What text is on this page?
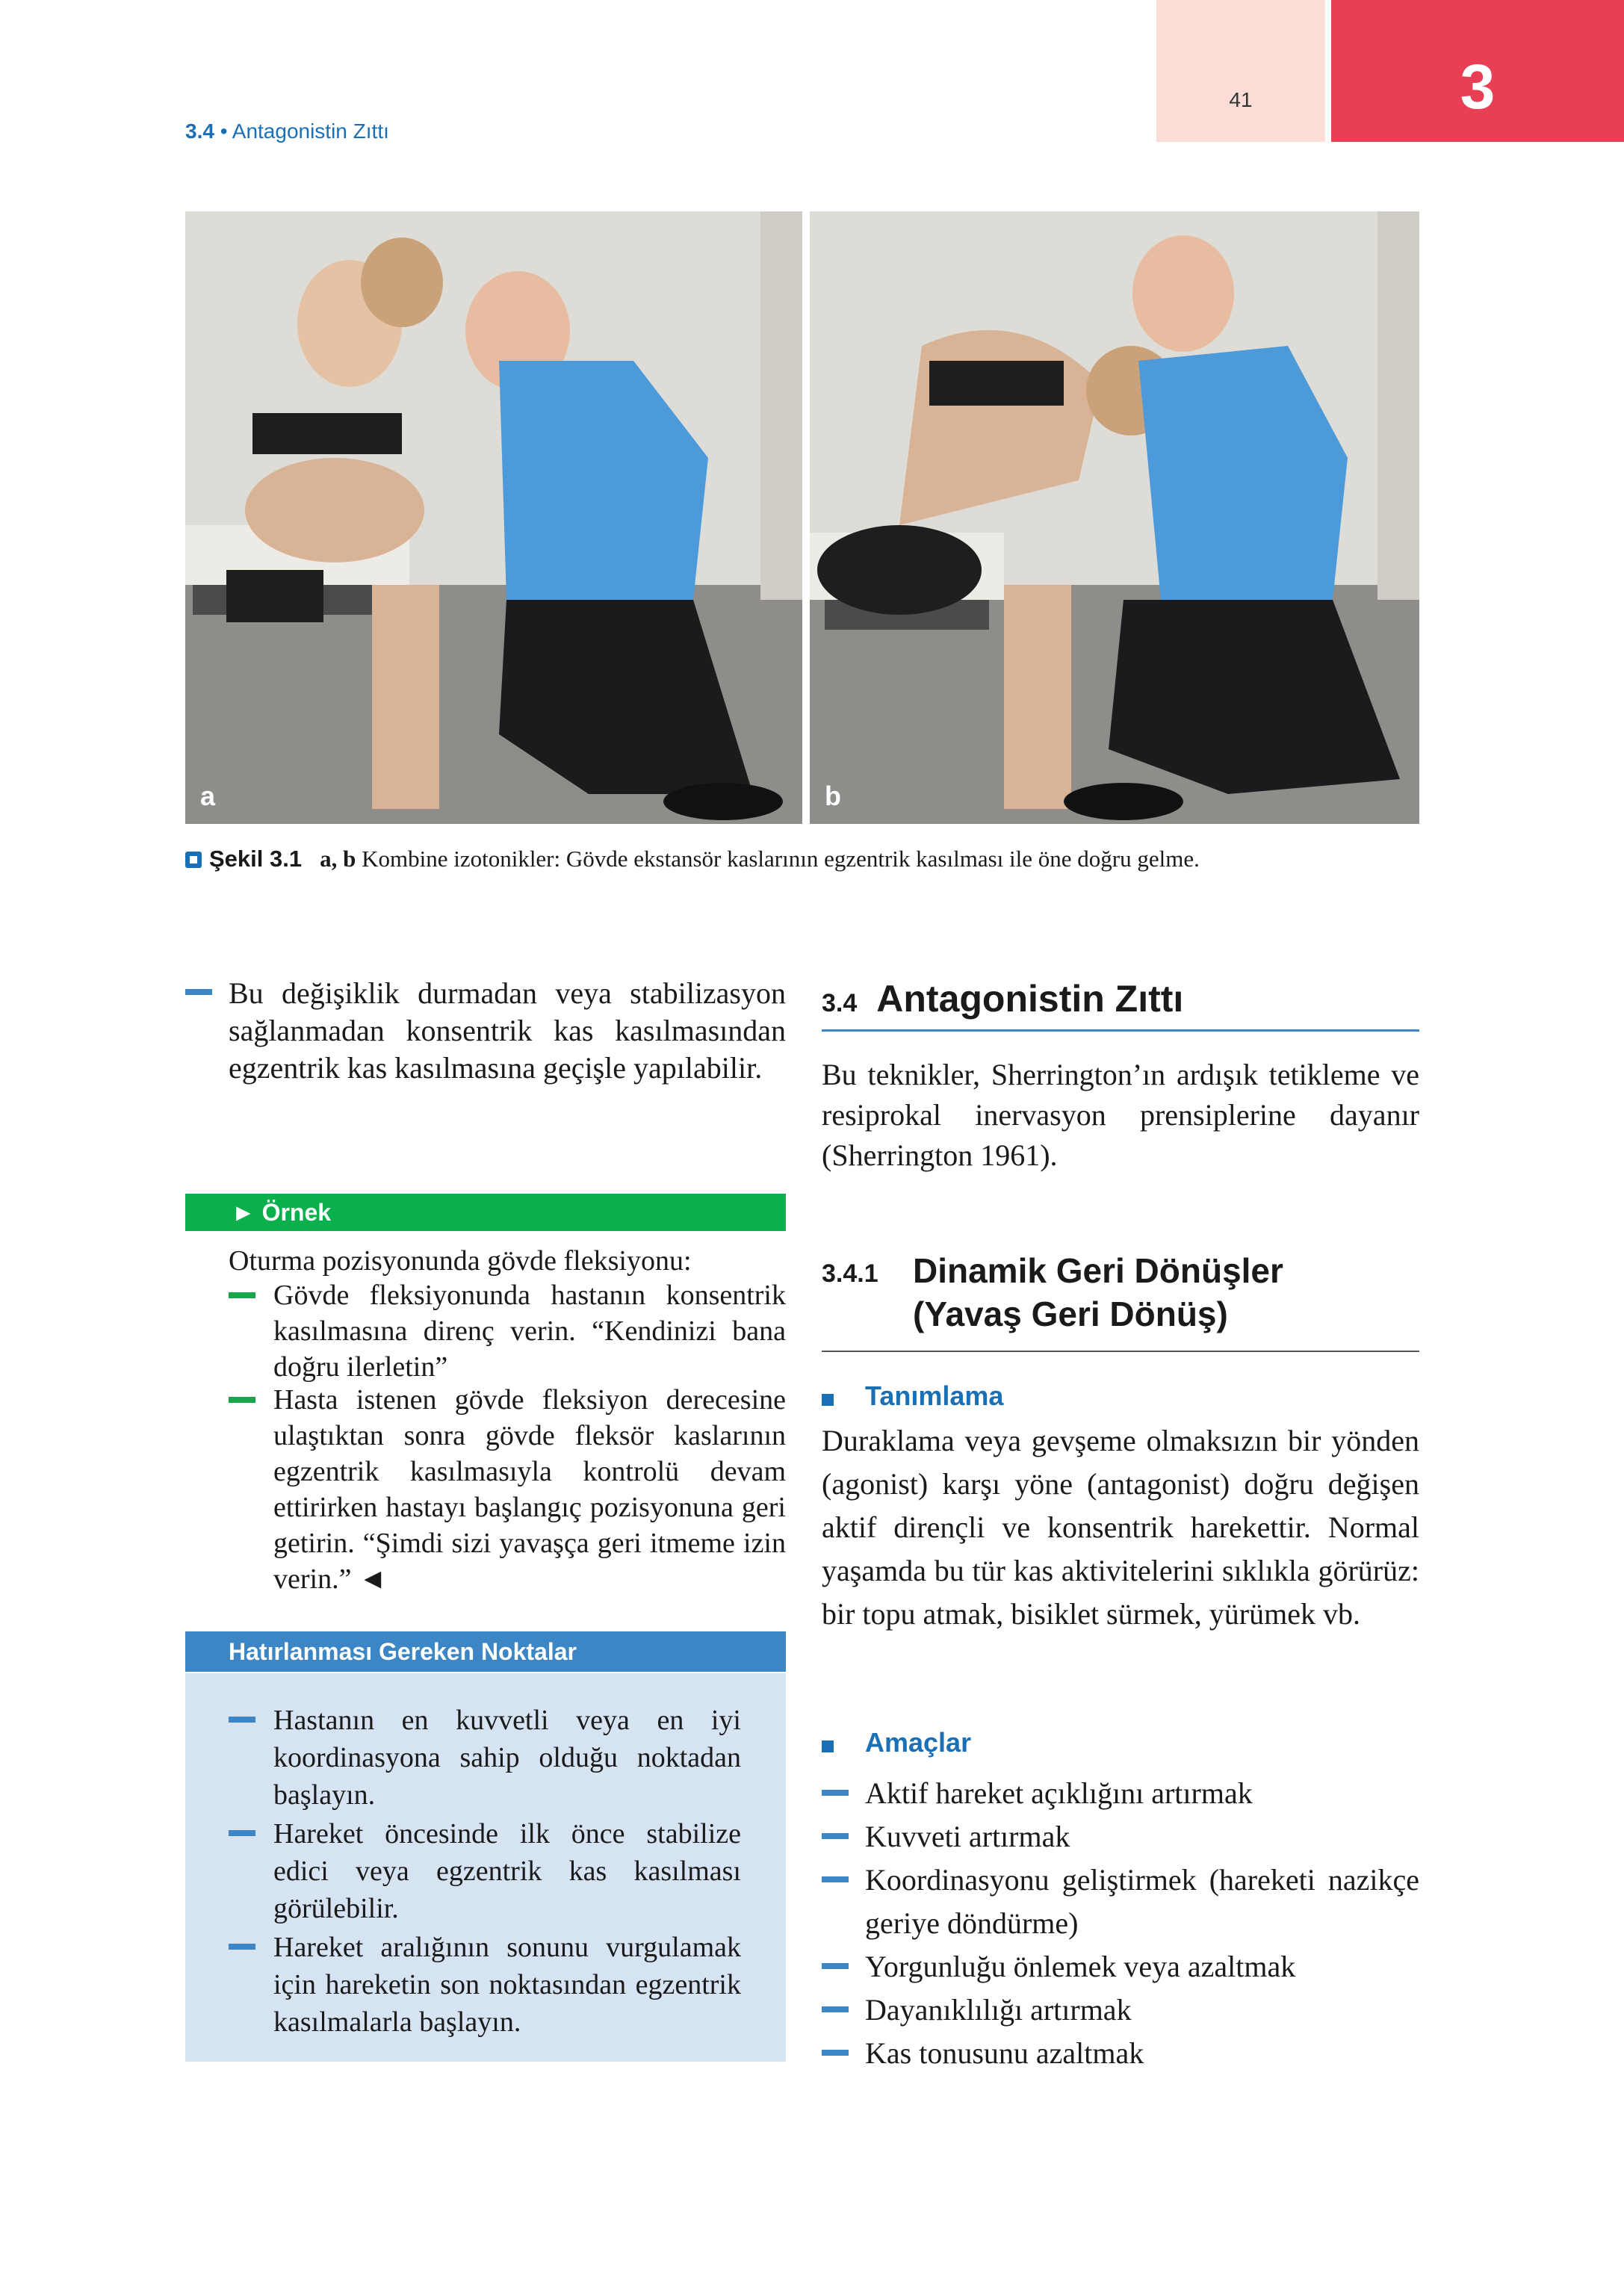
41	3
3.4 • Antagonistin Zıttı
a	b
Şekil 3.1 a, b Kombine izotonikler: Gövde ekstansör kaslarının egzentrik kasılması ile öne doğru gelme.
Bu değişiklik durmadan veya stabilizasyon sağlanmadan konsentrik kas kasılmasından egzentrik kas kasılmasına geçişle yapılabilir.
► Örnek
Oturma pozisyonunda gövde fleksiyonu:
Gövde fleksiyonunda hastanın konsentrik kasılmasına direnç verin. “Kendinizi bana doğru ilerletin”
Hasta istenen gövde fleksiyon derecesine ulaştıktan sonra gövde fleksör kaslarının egzentrik kasılmasıyla kontrolü devam ettirirken hastayı başlangıç pozisyonuna geri getirin. “Şimdi sizi yavaşça geri itmeme izin verin.” ◄
Hatırlanması Gereken Noktalar
Hastanın en kuvvetli veya en iyi koordinasyona sahip olduğu noktadan başlayın.
Hareket öncesinde ilk önce stabilize edici veya egzentrik kas kasılması görülebilir.
Hareket aralığının sonunu vurgulamak için hareketin son noktasından egzentrik kasılmalarla başlayın.
3.4 Antagonistin Zıttı
Bu teknikler, Sherrington’ın ardışık tetikleme ve resiprokal inervasyon prensiplerine dayanır (Sherrington 1961).
3.4.1 Dinamik Geri Dönüşler
(Yavaş Geri Dönüş)
Tanımlama
Duraklama veya gevşeme olmaksızın bir yönden (agonist) karşı yöne (antagonist) doğru değişen aktif dirençli ve konsentrik harekettir. Normal yaşamda bu tür kas aktivitelerini sıklıkla görürüz: bir topu atmak, bisiklet sürmek, yürümek vb.
Amaçlar
Aktif hareket açıklığını artırmak
Kuvveti artırmak
Koordinasyonu geliştirmek (hareketi nazikçe geriye döndürme)
Yorgunluğu önlemek veya azaltmak
Dayanıklılığı artırmak
Kas tonusunu azaltmak
